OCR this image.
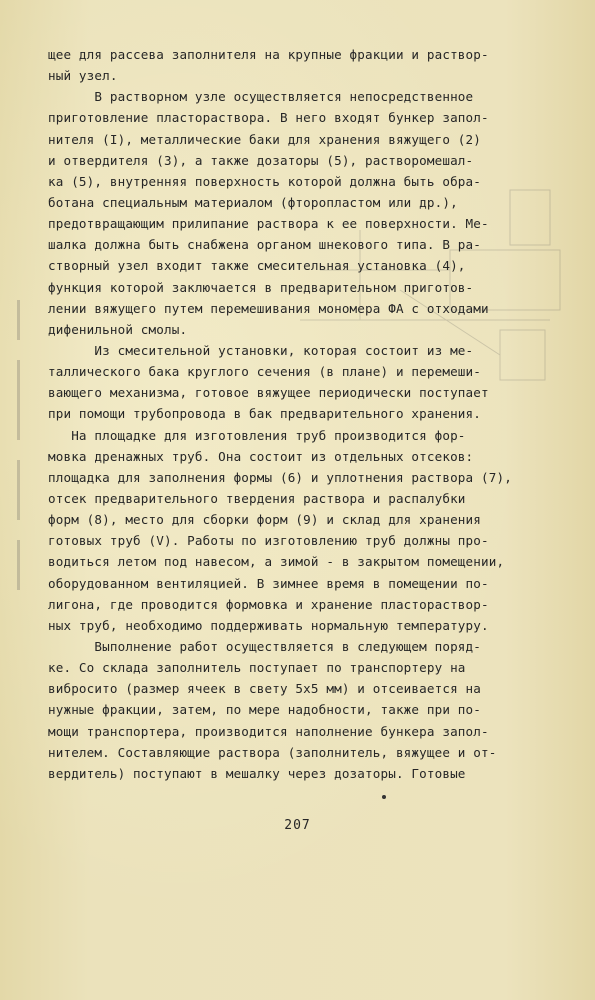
щее для рассева заполнителя на крупные фракции и раствор-
ный узел.
В растворном узле осуществляется непосредственное
приготовление пластораствора. В него входят бункер запол-
нителя (I), металлические баки для хранения вяжущего (2)
и отвердителя (3), а также дозаторы (5), растворомешал-
ка (5), внутренняя поверхность которой должна быть обра-
ботана специальным материалом (фторопластом или др.),
предотвращающим прилипание раствора к ее поверхности. Ме-
шалка должна быть снабжена органом шнекового типа. В ра-
створный узел входит также смесительная установка (4),
функция которой заключается в предварительном приготов-
лении вяжущего путем перемешивания мономера ФА с отходами
дифенильной смолы.
Из смесительной установки, которая состоит из ме-
таллического бака круглого сечения (в плане) и перемеши-
вающего механизма, готовое вяжущее периодически поступает
при помощи трубопровода в бак предварительного хранения.
На площадке для изготовления труб производится фор-
мовка дренажных труб. Она состоит из отдельных отсеков:
площадка для заполнения формы (6) и уплотнения раствора (7),
отсек предварительного твердения раствора и распалубки
форм (8), место для сборки форм (9) и склад для хранения
готовых труб (V). Работы по изготовлению труб должны про-
водиться летом под навесом, а зимой - в закрытом помещении,
оборудованном вентиляцией. В зимнее время в помещении по-
лигона, где проводится формовка и хранение пластораствор-
ных труб, необходимо поддерживать нормальную температуру.
Выполнение работ осуществляется в следующем поряд-
ке. Со склада заполнитель поступает по транспортеру на
вибросито (размер ячеек в свету 5х5 мм) и отсеивается на
нужные фракции, затем, по мере надобности, также при по-
мощи транспортера, производится наполнение бункера запол-
нителем. Составляющие раствора (заполнитель, вяжущее и от-
вердитель) поступают в мешалку через дозаторы. Готовые
207
